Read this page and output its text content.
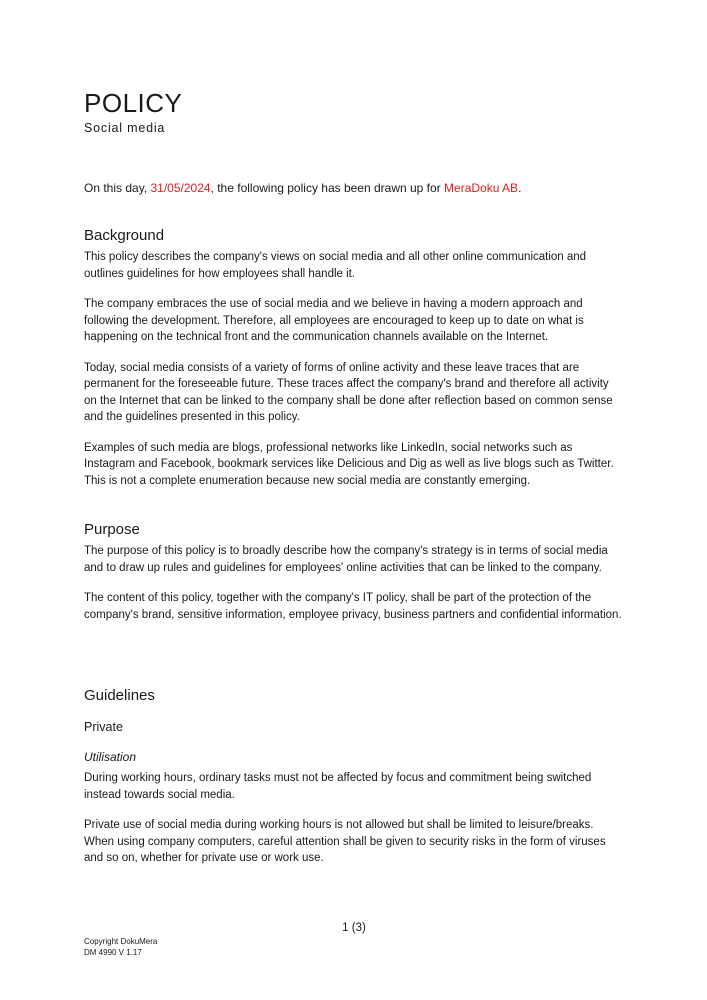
POLICY
Social media

On this day, 31/05/2024, the following policy has been drawn up for MeraDoku AB.

Background

This policy describes the company's views on social media and all other online communication and outlines guidelines for how employees shall handle it.

The company embraces the use of social media and we believe in having a modern approach and following the development. Therefore, all employees are encouraged to keep up to date on what is happening on the technical front and the communication channels available on the Internet.

Today, social media consists of a variety of forms of online activity and these leave traces that are permanent for the foreseeable future. These traces affect the company's brand and therefore all activity on the Internet that can be linked to the company shall be done after reflection based on common sense and the guidelines presented in this policy.

Examples of such media are blogs, professional networks like LinkedIn, social networks such as Instagram and Facebook, bookmark services like Delicious and Dig as well as live blogs such as Twitter. This is not a complete enumeration because new social media are constantly emerging.

Purpose

The purpose of this policy is to broadly describe how the company's strategy is in terms of social media and to draw up rules and guidelines for employees' online activities that can be linked to the company.

The content of this policy, together with the company's IT policy, shall be part of the protection of the company's brand, sensitive information, employee privacy, business partners and confidential information.

Guidelines
Private
Utilisation

During working hours, ordinary tasks must not be affected by focus and commitment being switched instead towards social media.

Private use of social media during working hours is not allowed but shall be limited to leisure/breaks. When using company computers, careful attention shall be given to security risks in the form of viruses and so on, whether for private use or work use.

1 (3)

Copyright DokuMera
DM 4990 V 1.17
